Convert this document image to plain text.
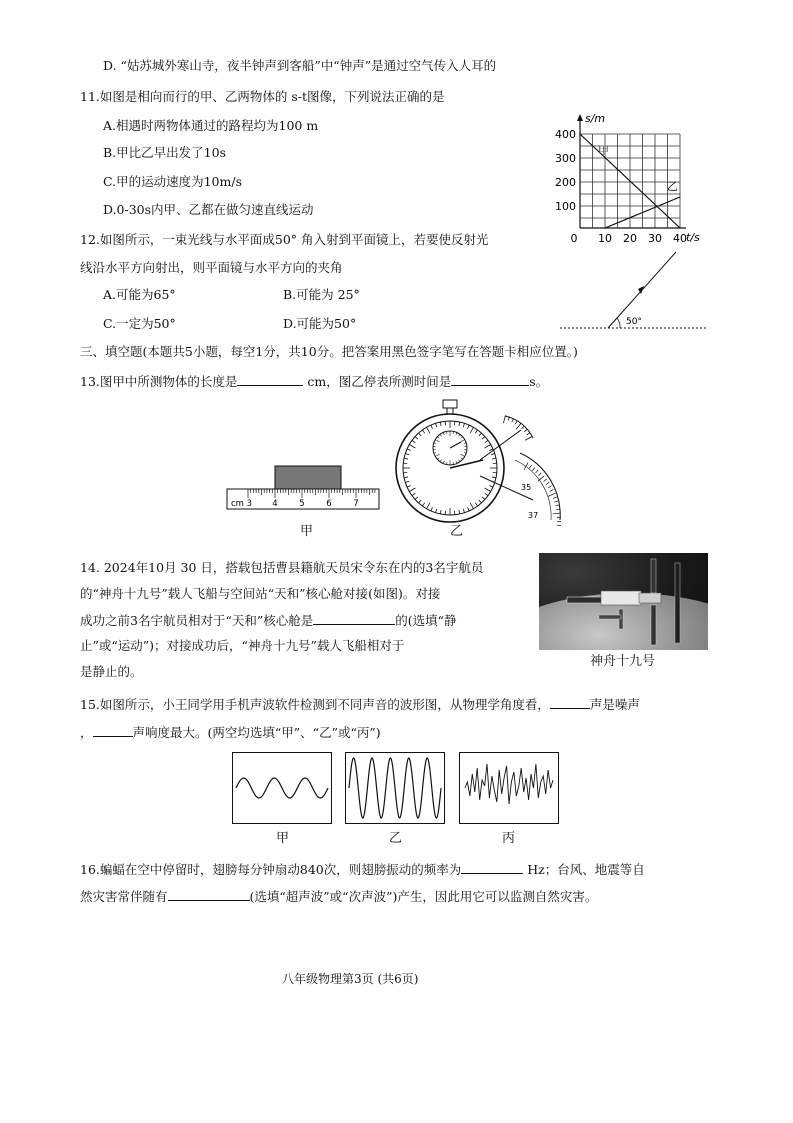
D. “姑苏城外寒山寺，夜半钟声到客船”中“钟声”是通过空气传入人耳的
11.如图是相向而行的甲、乙两物体的 s-t图像，下列说法正确的是
A.相遇时两物体通过的路程均为100 m
B.甲比乙早出发了10s
C.甲的运动速度为10m/s
D.0-30s内甲、乙都在做匀速直线运动
s/m
t/s
400
300
200
100
0 10 20 30 40
甲
乙
12.如图所示，一束光线与水平面成50° 角入射到平面镜上，若要使反射光
线沿水平方向射出，则平面镜与水平方向的夹角
A.可能为65°	B.可能为 25°
C.一定为50°	D.可能为50°	50°
三、填空题(本题共5小题，每空1分，共10分。把答案用黑色签字笔写在答题卡相应位置。)
13.图甲中所测物体的长度是	cm，图乙停表所测时间是	s。
cm 3 4	5	6	7
甲
35
37
乙
14. 2024年10月 30 日，搭载包括曹县籍航天员宋令东在内的3名宇航员
的“神舟十九号”载人飞船与空间站“天和”核心舱对接(如图)。对接
成功之前3名宇航员相对于“天和”核心舱是	的(选填“静
止”或“运动”)；对接成功后，“神舟十九号”载人飞船相对于
是静止的。
神舟十九号
15.如图所示，小王同学用手机声波软件检测到不同声音的波形图，从物理学角度看，	声是噪声
，	声响度最大。(两空均选填“甲”、“乙”或“丙”)
甲	乙	丙
16.蝙蝠在空中停留时，翅膀每分钟扇动840次，则翅膀振动的频率为	Hz；台风、地震等自
然灾害常伴随有	(选填“超声波”或“次声波”)产生，因此用它可以监测自然灾害。
八年级物理第3页 (共6页)
